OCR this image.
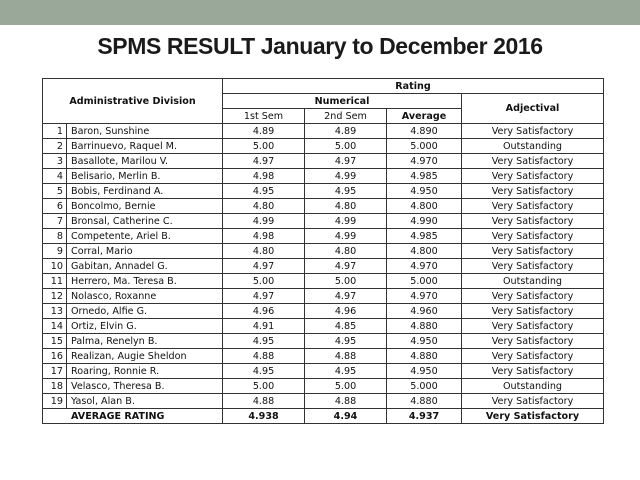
SPMS RESULT January to December 2016
Administrative Division		Rating			
		Numerical			Adjectival
		1st Sem	2nd Sem	Average	
1	Baron, Sunshine	4.89	4.89	4.890	Very Satisfactory
2	Barrinuevo, Raquel M.	5.00	5.00	5.000	Outstanding
3	Basallote, Marilou V.	4.97	4.97	4.970	Very Satisfactory
4	Belisario, Merlin B.	4.98	4.99	4.985	Very Satisfactory
5	Bobis, Ferdinand A.	4.95	4.95	4.950	Very Satisfactory
6	Boncolmo, Bernie	4.80	4.80	4.800	Very Satisfactory
7	Bronsal, Catherine C.	4.99	4.99	4.990	Very Satisfactory
8	Competente, Ariel B.	4.98	4.99	4.985	Very Satisfactory
9	Corral, Mario	4.80	4.80	4.800	Very Satisfactory
10	Gabitan, Annadel G.	4.97	4.97	4.970	Very Satisfactory
11	Herrero, Ma. Teresa B.	5.00	5.00	5.000	Outstanding
12	Nolasco, Roxanne	4.97	4.97	4.970	Very Satisfactory
13	Ornedo, Alfie G.	4.96	4.96	4.960	Very Satisfactory
14	Ortiz, Elvin G.	4.91	4.85	4.880	Very Satisfactory
15	Palma, Renelyn B.	4.95	4.95	4.950	Very Satisfactory
16	Realizan, Augie Sheldon	4.88	4.88	4.880	Very Satisfactory
17	Roaring, Ronnie R.	4.95	4.95	4.950	Very Satisfactory
18	Velasco, Theresa B.	5.00	5.00	5.000	Outstanding
19	Yasol, Alan B.	4.88	4.88	4.880	Very Satisfactory
AVERAGE RATING		4.938	4.94	4.937	Very Satisfactory
